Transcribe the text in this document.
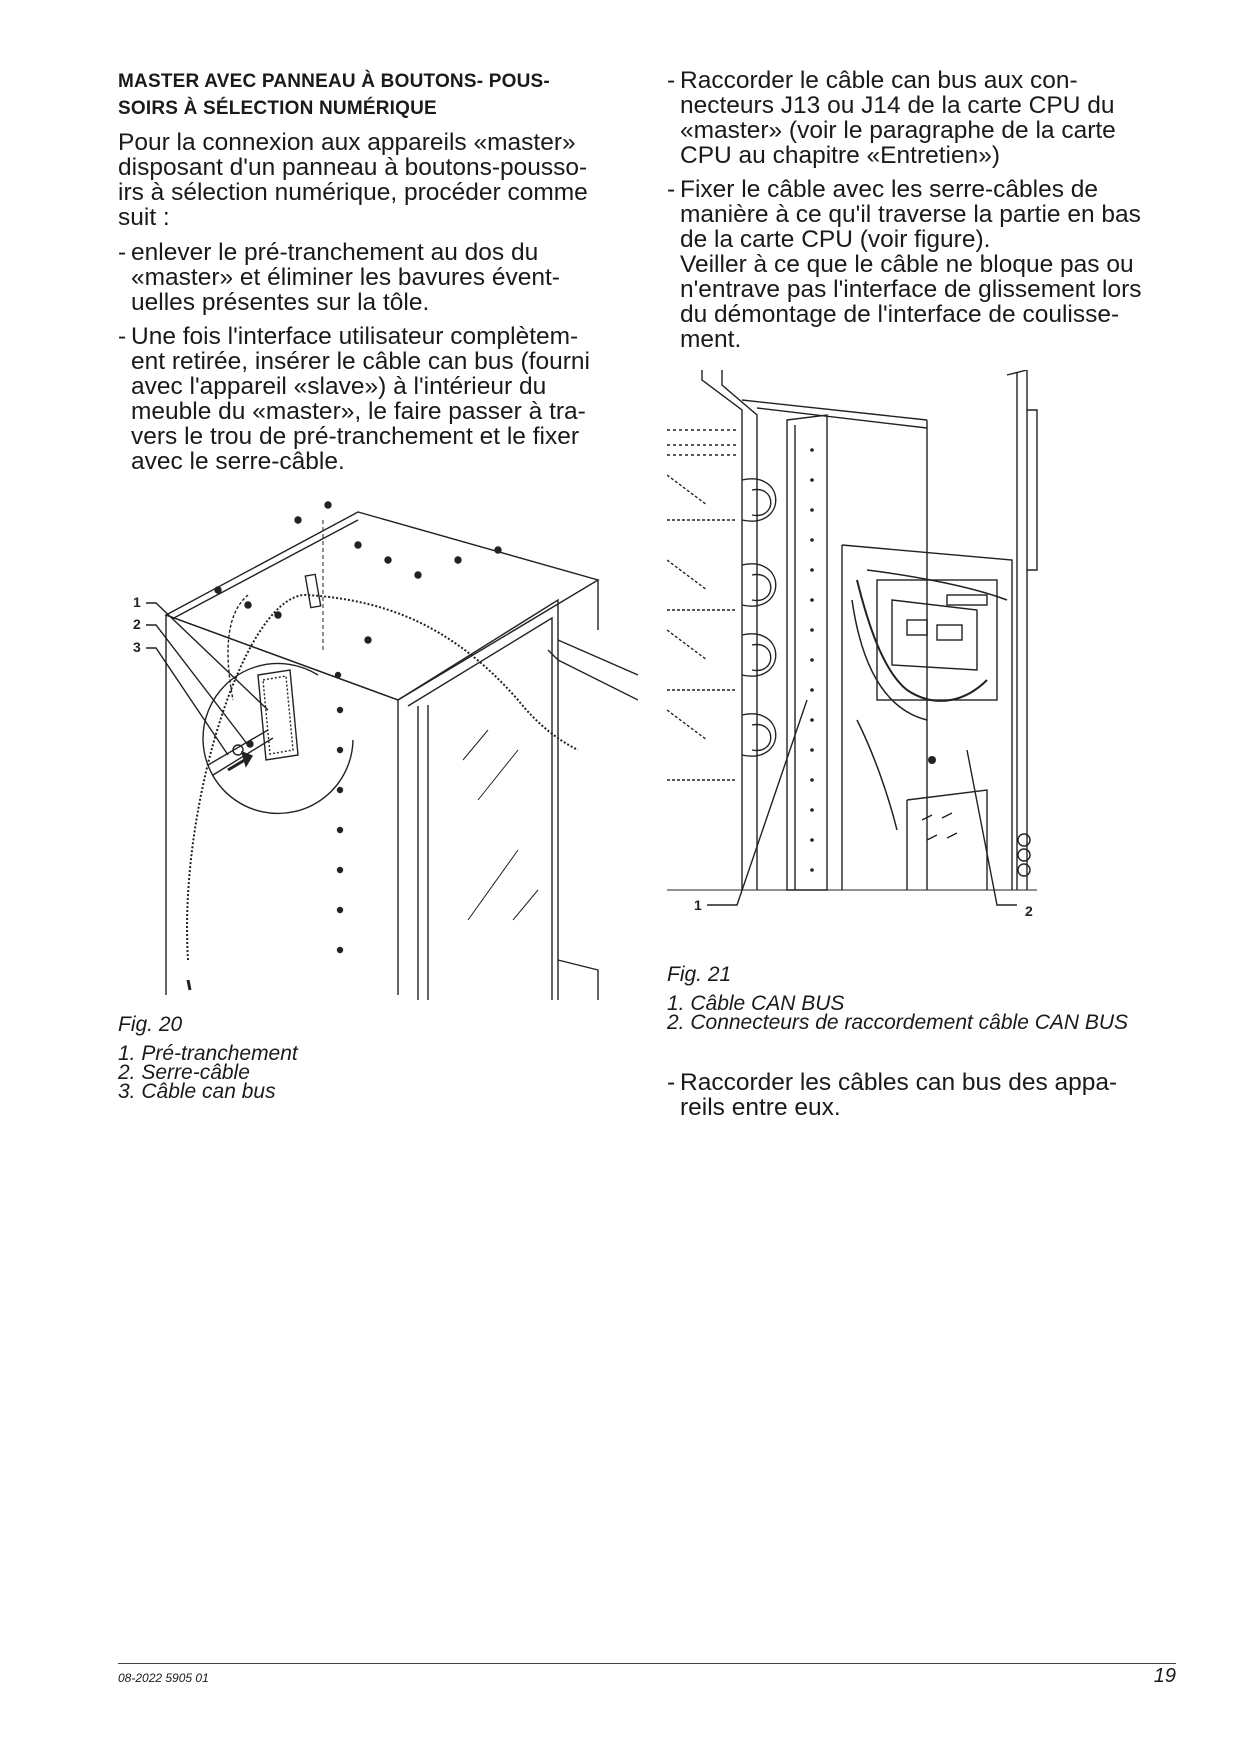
MASTER AVEC PANNEAU À BOUTONS- POUS-
SOIRS À SÉLECTION NUMÉRIQUE
Pour la connexion aux appareils «master»
disposant d'un panneau à boutons-pousso-
irs à sélection numérique, procéder comme
suit :
- enlever le pré-tranchement au dos du
«master» et éliminer les bavures évent-
uelles présentes sur la tôle.
- Une fois l'interface utilisateur complètem-
ent retirée, insérer le câble can bus (fourni
avec l'appareil «slave») à l'intérieur du
meuble du «master», le faire passer à tra-
vers le trou de pré-tranchement et le fixer
avec le serre-câble.
1
2
3
Fig. 20
1. Pré-tranchement
2. Serre-câble
3. Câble can bus
- Raccorder le câble can bus aux con-
necteurs J13 ou J14 de la carte CPU du
«master» (voir le paragraphe de la carte
CPU au chapitre «Entretien»)
- Fixer le câble avec les serre-câbles de
manière à ce qu'il traverse la partie en bas
de la carte CPU (voir figure).
Veiller à ce que le câble ne bloque pas ou
n'entrave pas l'interface de glissement lors
du démontage de l'interface de coulisse-
ment.
1	2
Fig. 21
1. Câble CAN BUS
2. Connecteurs de raccordement câble CAN BUS
- Raccorder les câbles can bus des appa-
reils entre eux.
08-2022 5905 01	19
